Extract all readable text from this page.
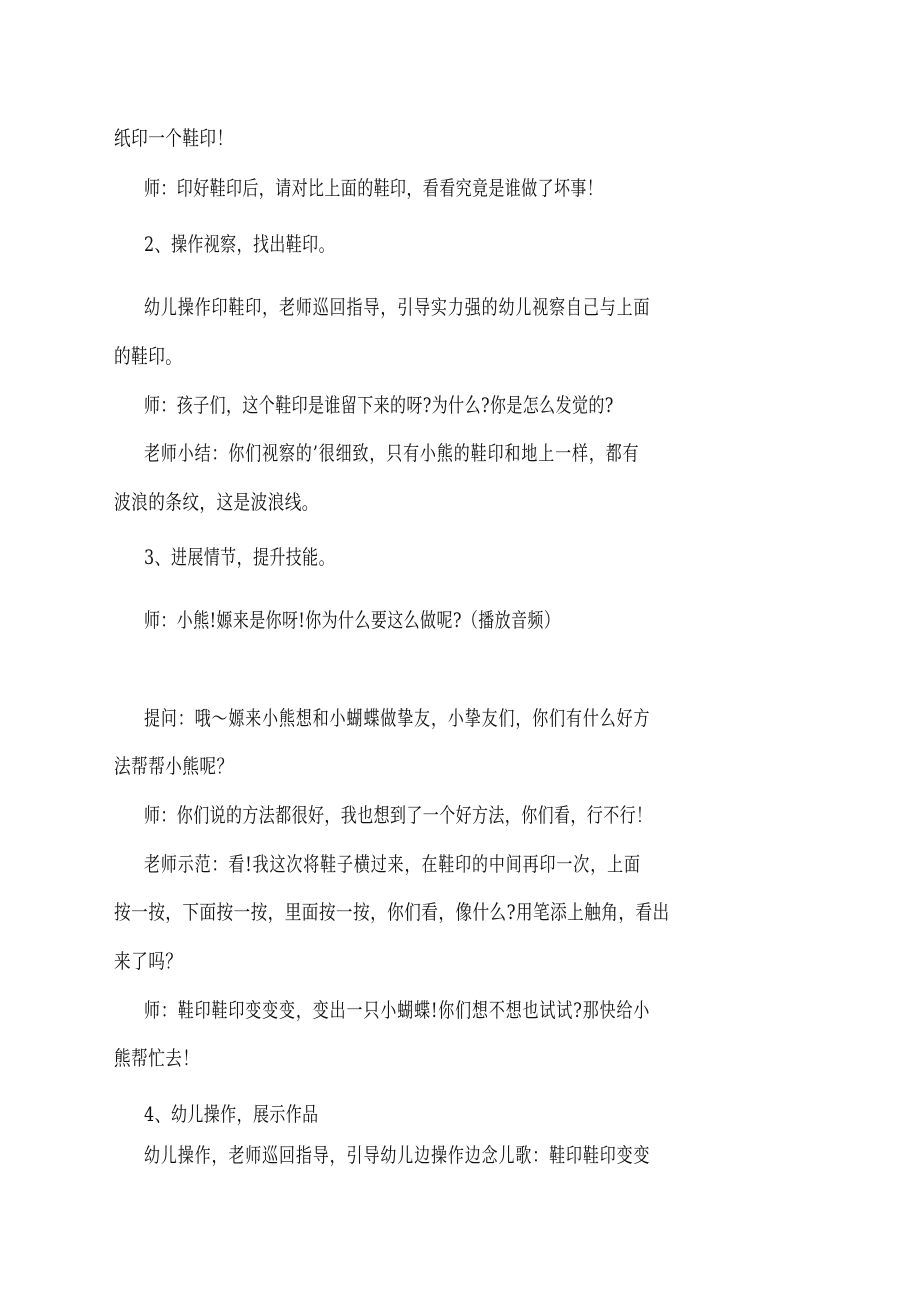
纸印一个鞋印！
师：印好鞋印后，请对比上面的鞋印，看看究竟是谁做了坏事！
2、操作视察，找出鞋印。
幼儿操作印鞋印，老师巡回指导，引导实力强的幼儿视察自己与上面
的鞋印。
师：孩子们，这个鞋印是谁留下来的呀?为什么?你是怎么发觉的?
老师小结：你们视察的’很细致，只有小熊的鞋印和地上一样，都有
波浪的条纹，这是波浪线。
3、进展情节，提升技能。
师：小熊!嫄来是你呀!你为什么要这么做呢?（播放音频）
提问：哦～嫄来小熊想和小蝴蝶做挚友，小挚友们，你们有什么好方
法帮帮小熊呢？
师：你们说的方法都很好，我也想到了一个好方法，你们看，行不行！
老师示范：看!我这次将鞋子横过来，在鞋印的中间再印一次，上面
按一按，下面按一按，里面按一按，你们看，像什么?用笔添上触角，看出
来了吗？
师：鞋印鞋印变变变，变出一只小蝴蝶!你们想不想也试试?那快给小
熊帮忙去！
4、幼儿操作，展示作品
幼儿操作，老师巡回指导，引导幼儿边操作边念儿歌：鞋印鞋印变变
